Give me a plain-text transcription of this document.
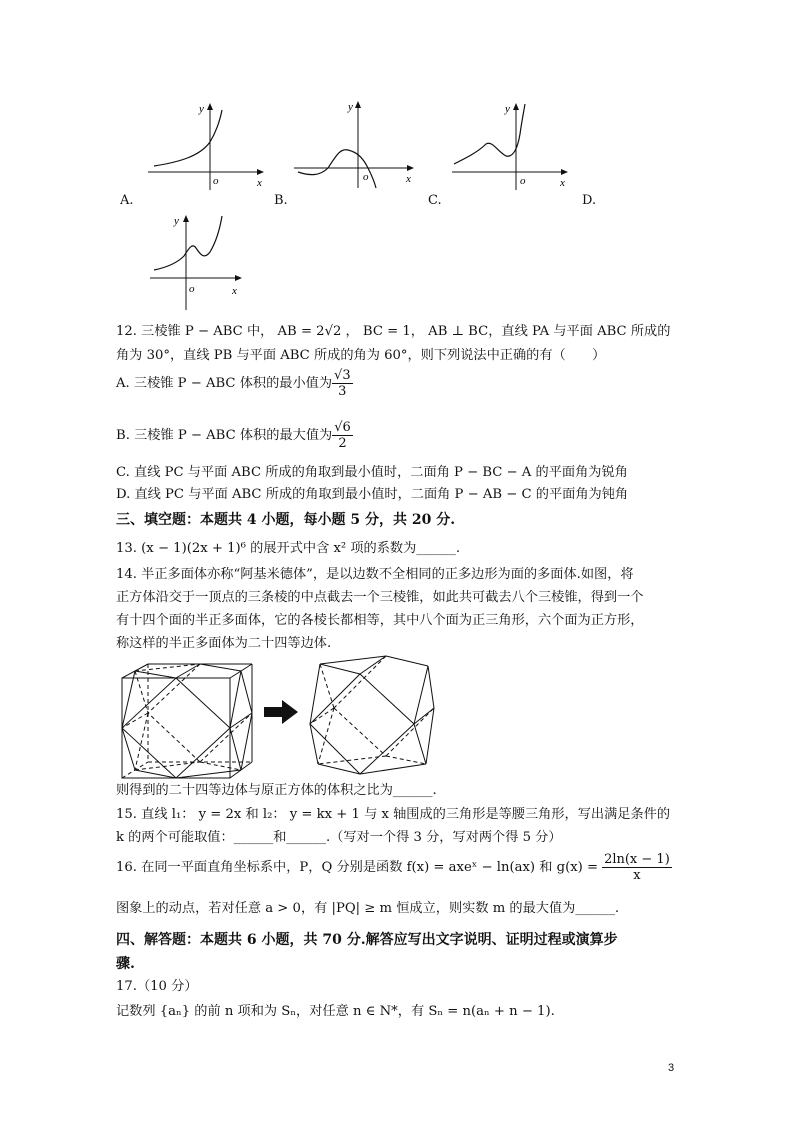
y
o	x
A.
y
o	x
B.
y
o	x
C.	D.
y
o	x
12. 三棱锥 P − ABC 中， AB = 2√2 ， BC = 1， AB ⊥ BC，直线 PA 与平面 ABC 所成的
角为 30°，直线 PB 与平面 ABC 所成的角为 60°，则下列说法中正确的有（　　）
A. 三棱锥 P − ABC 体积的最小值为 $\frac{√3}{3}$
B. 三棱锥 P − ABC 体积的最大值为 $\frac{√6}{2}$
C. 直线 PC 与平面 ABC 所成的角取到最小值时，二面角 P − BC − A 的平面角为锐角
D. 直线 PC 与平面 ABC 所成的角取到最小值时，二面角 P − AB − C 的平面角为钝角
三、填空题：本题共 4 小题，每小题 5 分，共 20 分.
13. (x − 1)(2x + 1)⁶ 的展开式中含 x² 项的系数为______.
14. 半正多面体亦称“阿基米德体”，是以边数不全相同的正多边形为面的多面体.如图，将
正方体沿交于一顶点的三条棱的中点截去一个三棱锥，如此共可截去八个三棱锥，得到一个
有十四个面的半正多面体，它的各棱长都相等，其中八个面为正三角形，六个面为正方形，
称这样的半正多面体为二十四等边体.
则得到的二十四等边体与原正方体的体积之比为______.
15. 直线 l₁： y = 2x 和 l₂： y = kx + 1 与 x 轴围成的三角形是等腰三角形，写出满足条件的
k 的两个可能取值：______和______.（写对一个得 3 分，写对两个得 5 分）
16. 在同一平面直角坐标系中，P，Q 分别是函数 f(x) = axeˣ − ln(ax) 和 $g(x) = \frac{2\ln(x - 1)}{x}$
图象上的动点，若对任意 a > 0，有 |PQ| ≥ m 恒成立，则实数 m 的最大值为______.
四、解答题：本题共 6 小题，共 70 分.解答应写出文字说明、证明过程或演算步
骤.
17.（10 分）
记数列 {aₙ} 的前 n 项和为 Sₙ，对任意 n ∈ N*，有 Sₙ = n(aₙ + n − 1).
3
